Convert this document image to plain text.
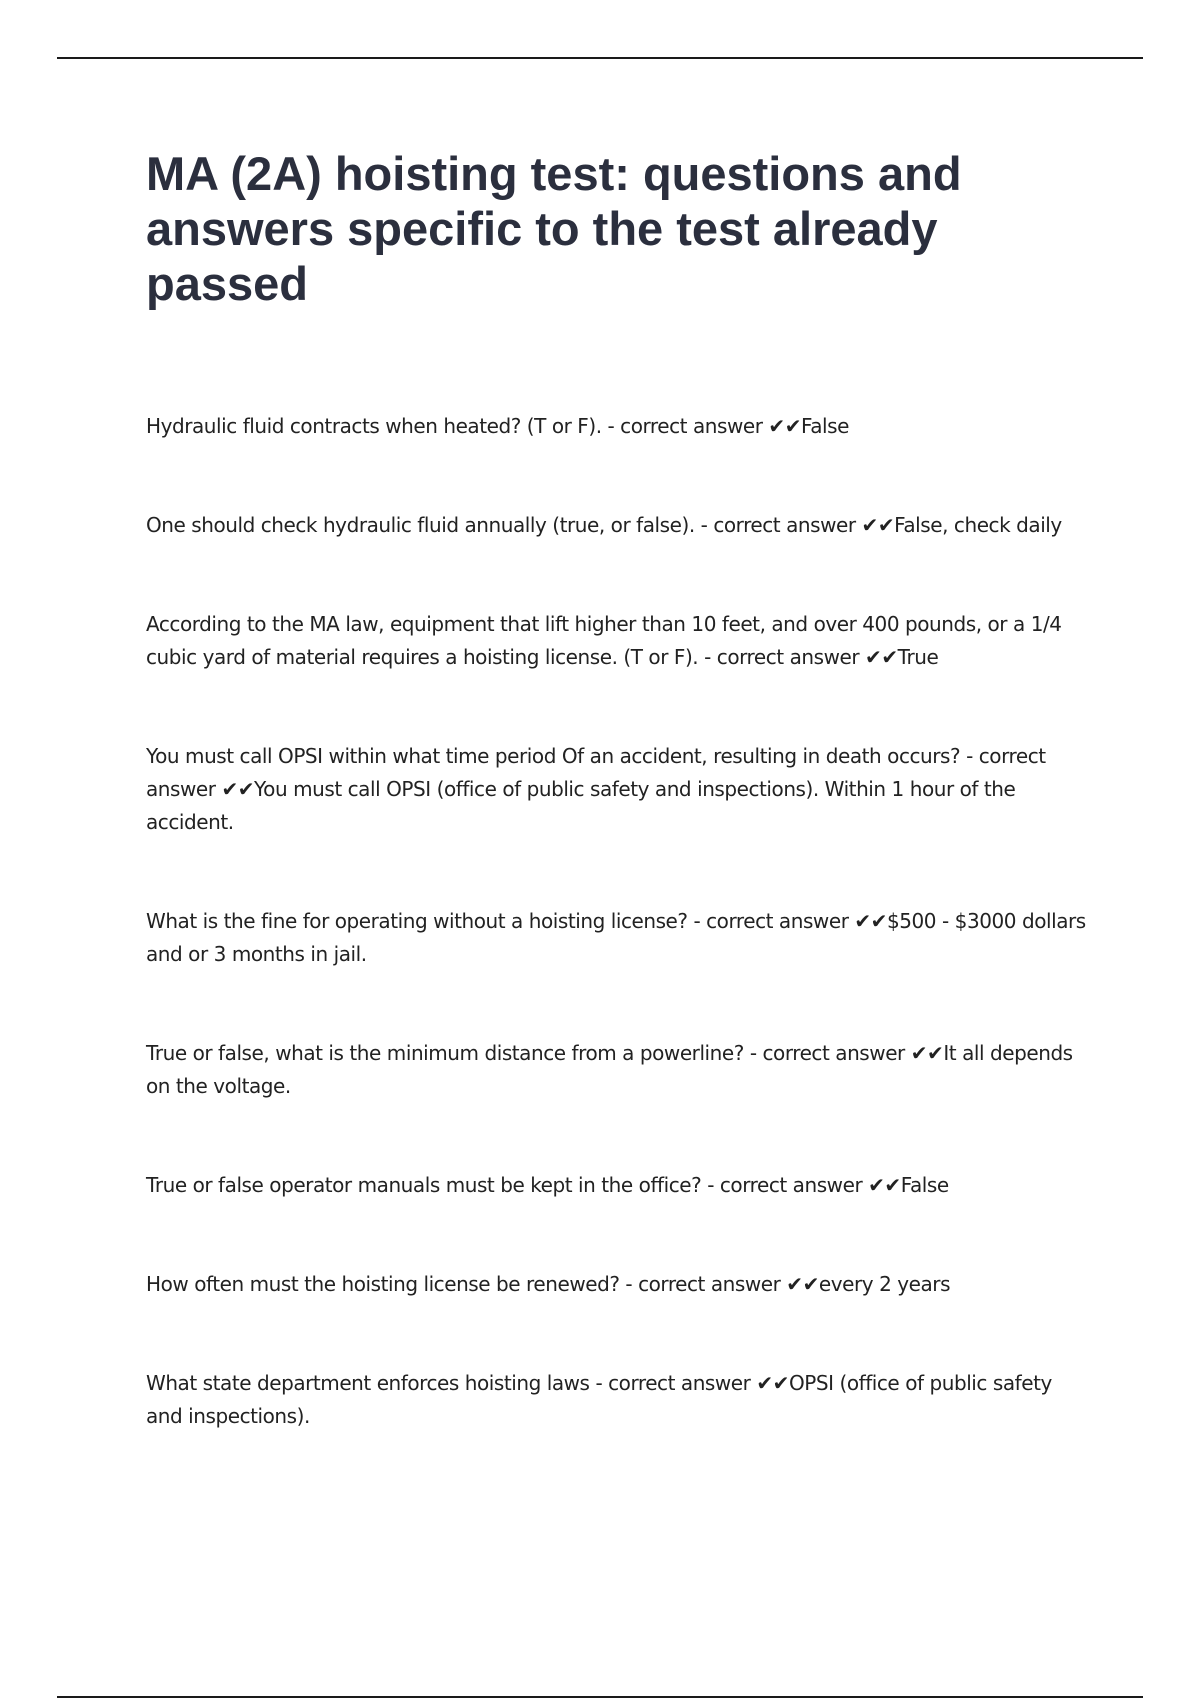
MA (2A) hoisting test: questions and answers specific to the test already passed
Hydraulic fluid contracts when heated? (T or F). - correct answer ✔✔False
One should check hydraulic fluid annually (true, or false). - correct answer ✔✔False, check daily
According to the MA law, equipment that lift higher than 10 feet, and over 400 pounds, or a 1/4 cubic yard of material requires a hoisting license. (T or F). - correct answer ✔✔True
You must call OPSI within what time period Of an accident, resulting in death occurs? - correct answer ✔✔You must call OPSI (office of public safety and inspections). Within 1 hour of the accident.
What is the fine for operating without a hoisting license? - correct answer ✔✔$500 - $3000 dollars and or 3 months in jail.
True or false, what is the minimum distance from a powerline? - correct answer ✔✔It all depends on the voltage.
True or false operator manuals must be kept in the office? - correct answer ✔✔False
How often must the hoisting license be renewed? - correct answer ✔✔every 2 years
What state department enforces hoisting laws - correct answer ✔✔OPSI (office of public safety and inspections).
